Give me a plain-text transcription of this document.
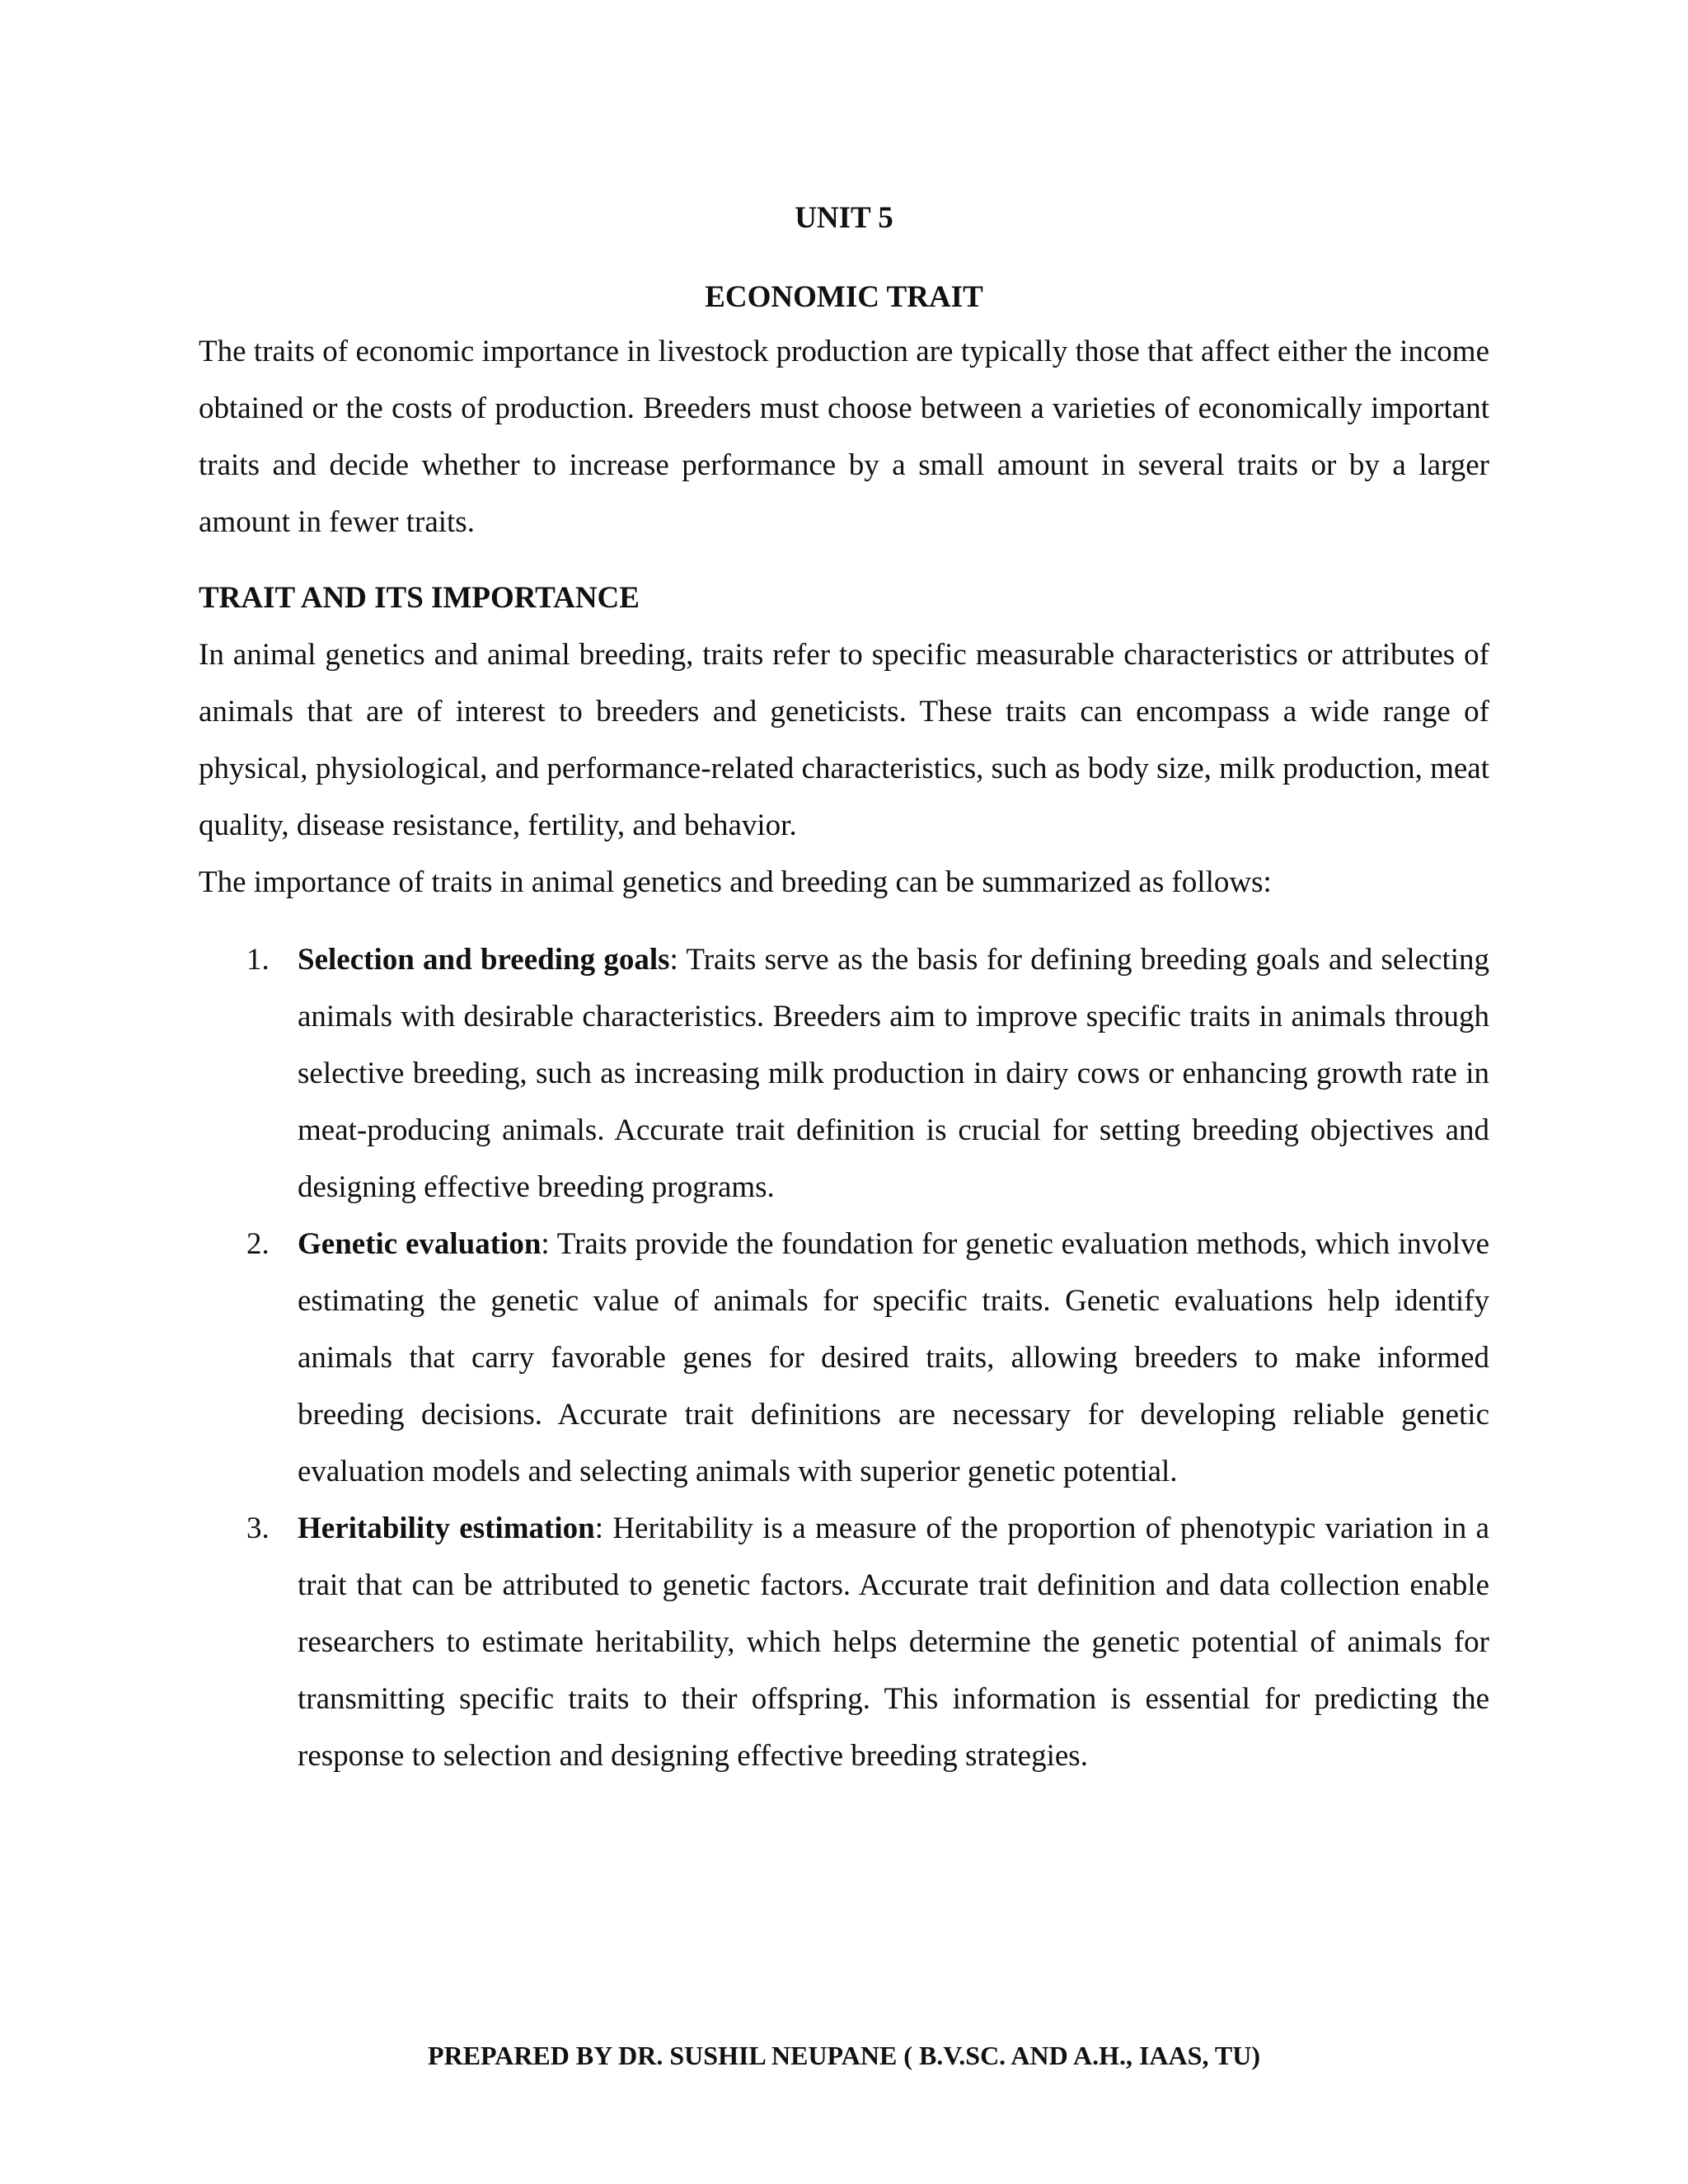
UNIT 5
ECONOMIC TRAIT

The traits of economic importance in livestock production are typically those that affect either the income obtained or the costs of production. Breeders must choose between a varieties of economically important traits and decide whether to increase performance by a small amount in several traits or by a larger amount in fewer traits.

TRAIT AND ITS IMPORTANCE

In animal genetics and animal breeding, traits refer to specific measurable characteristics or attributes of animals that are of interest to breeders and geneticists. These traits can encompass a wide range of physical, physiological, and performance-related characteristics, such as body size, milk production, meat quality, disease resistance, fertility, and behavior.

The importance of traits in animal genetics and breeding can be summarized as follows:

1. Selection and breeding goals: Traits serve as the basis for defining breeding goals and selecting animals with desirable characteristics. Breeders aim to improve specific traits in animals through selective breeding, such as increasing milk production in dairy cows or enhancing growth rate in meat-producing animals. Accurate trait definition is crucial for setting breeding objectives and designing effective breeding programs.
2. Genetic evaluation: Traits provide the foundation for genetic evaluation methods, which involve estimating the genetic value of animals for specific traits. Genetic evaluations help identify animals that carry favorable genes for desired traits, allowing breeders to make informed breeding decisions. Accurate trait definitions are necessary for developing reliable genetic evaluation models and selecting animals with superior genetic potential.
3. Heritability estimation: Heritability is a measure of the proportion of phenotypic variation in a trait that can be attributed to genetic factors. Accurate trait definition and data collection enable researchers to estimate heritability, which helps determine the genetic potential of animals for transmitting specific traits to their offspring. This information is essential for predicting the response to selection and designing effective breeding strategies.
PREPARED BY DR. SUSHIL NEUPANE ( B.V.SC. AND A.H., IAAS, TU)
